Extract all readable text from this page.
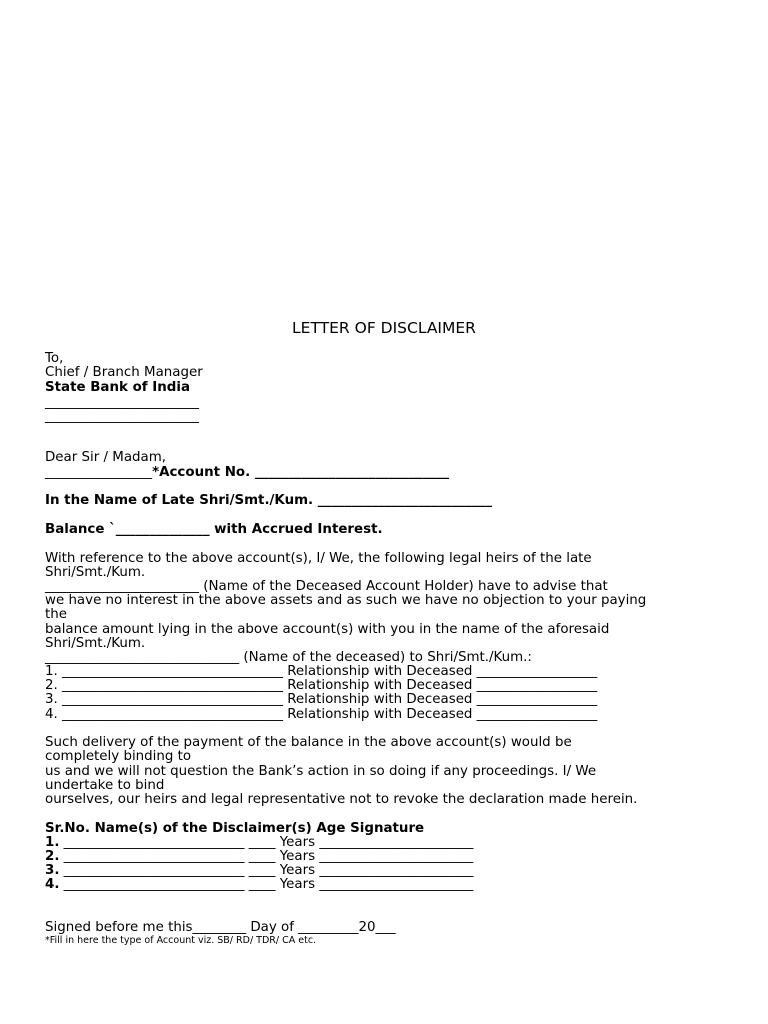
LETTER OF DISCLAIMER
To,
Chief / Branch Manager
State Bank of India
_______________________
_______________________
Dear Sir / Madam,
________________*Account No. _____________________________
In the Name of Late Shri/Smt./Kum. __________________________
Balance `______________ with Accrued Interest.
With reference to the above account(s), I/ We, the following legal heirs of the late
Shri/Smt./Kum.
_______________________ (Name of the Deceased Account Holder) have to advise that
we have no interest in the above assets and as such we have no objection to your paying
the
balance amount lying in the above account(s) with you in the name of the aforesaid
Shri/Smt./Kum.
_____________________________ (Name of the deceased) to Shri/Smt./Kum.:
1. _________________________________ Relationship with Deceased __________________
2. _________________________________ Relationship with Deceased __________________
3. _________________________________ Relationship with Deceased __________________
4. _________________________________ Relationship with Deceased __________________
Such delivery of the payment of the balance in the above account(s) would be
completely binding to
us and we will not question the Bank’s action in so doing if any proceedings. I/ We
undertake to bind
ourselves, our heirs and legal representative not to revoke the declaration made herein.
Sr.No. Name(s) of the Disclaimer(s) Age Signature
1. ___________________________ ____ Years _______________________
2. ___________________________ ____ Years _______________________
3. ___________________________ ____ Years _______________________
4. ___________________________ ____ Years _______________________
Signed before me this________ Day of _________20___
*Fill in here the type of Account viz. SB/ RD/ TDR/ CA etc.
